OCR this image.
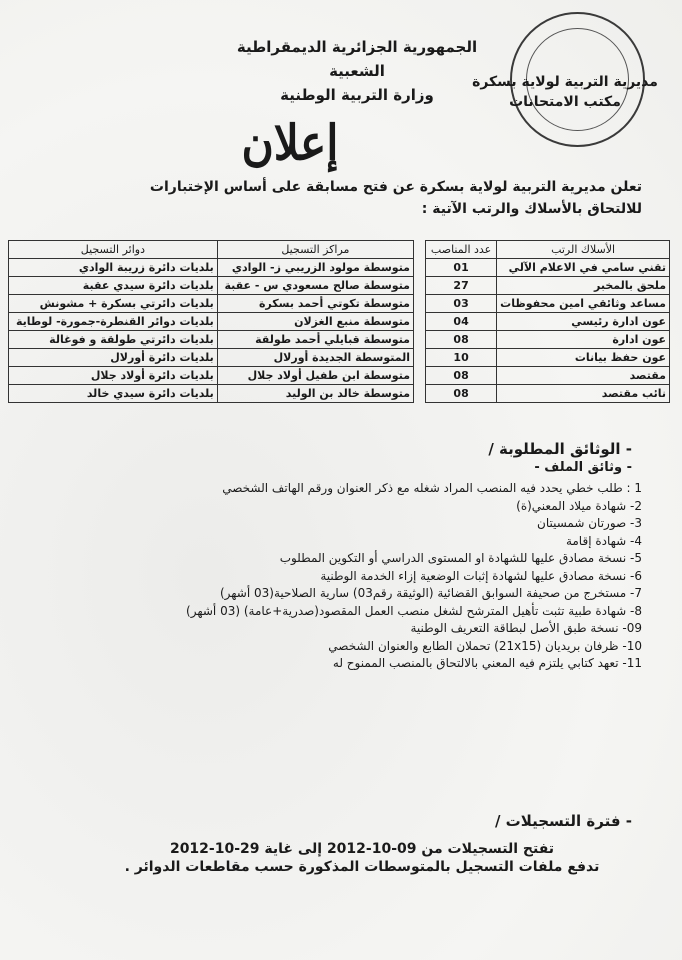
الجمهورية الجزائرية الديمقراطية الشعبية
وزارة التربية الوطنية
مديرية التربية لولاية بسكرة
مكتب الامتحانات
إعلان
تعلن مديرية التربية لولاية بسكرة عن فتح مسابقة على أساس الإختبارات
للالتحاق بالأسلاك والرتب الآتية :
الأسلاك الرتب	عدد المناصب
تقني سامي في الاعلام الآلي	01
ملحق بالمخبر	27
مساعد وثائقي امين محفوظات	03
عون ادارة رئيسي	04
عون ادارة	08
عون حفظ بيانات	10
مقتصد	08
نائب مقتصد	08
مراكز التسجيل	دوائر التسجيل
متوسطة مولود الزريبي ز- الوادي	بلديات دائرة زريبة الوادي
متوسطة صالح مسعودي س - عقبة	بلديات دائرة سيدي عقبة
متوسطة تكوتي أحمد بسكرة	بلديات دائرتي بسكرة + مشونش
متوسطة منبع الغزلان	بلديات دوائر القنطرة-جمورة- لوطاية
متوسطة قبايلي أحمد طولقة	بلديات دائرتي طولقة و فوغالة
المتوسطة الجديدة أورلال	بلديات دائرة أورلال
متوسطة ابن طفيل أولاد جلال	بلديات دائرة أولاد جلال
متوسطة خالد بن الوليد	بلديات دائرة سيدي خالد
- الوثائق المطلوبة /
- وثائق الملف -
1 : طلب خطي يحدد فيه المنصب المراد شغله مع ذكر العنوان ورقم الهاتف الشخصي
2- شهادة ميلاد المعني(ة)
3- صورتان شمسيتان
4- شهادة إقامة
5- نسخة مصادق عليها للشهادة او المستوى الدراسي أو التكوين المطلوب
6- نسخة مصادق عليها لشهادة إثبات الوضعية إزاء الخدمة الوطنية
7- مستخرج من صحيفة السوابق القضائية (الوثيقة رقم03) سارية الصلاحية(03 أشهر)
8- شهادة طبية تثبت تأهيل المترشح لشغل منصب العمل المقصود(صدرية+عامة) (03 أشهر)
09- نسخة طبق الأصل لبطاقة التعريف الوطنية
10- ظرفان بريديان (21x15) تحملان الطابع والعنوان الشخصي
11- تعهد كتابي يلتزم فيه المعني بالالتحاق بالمنصب الممنوح له
- فترة التسجيلات /
تفتح التسجيلات من 09-10-2012 إلى غاية 29-10-2012
تدفع ملفات التسجيل بالمتوسطات المذكورة حسب مقاطعات الدوائر .
